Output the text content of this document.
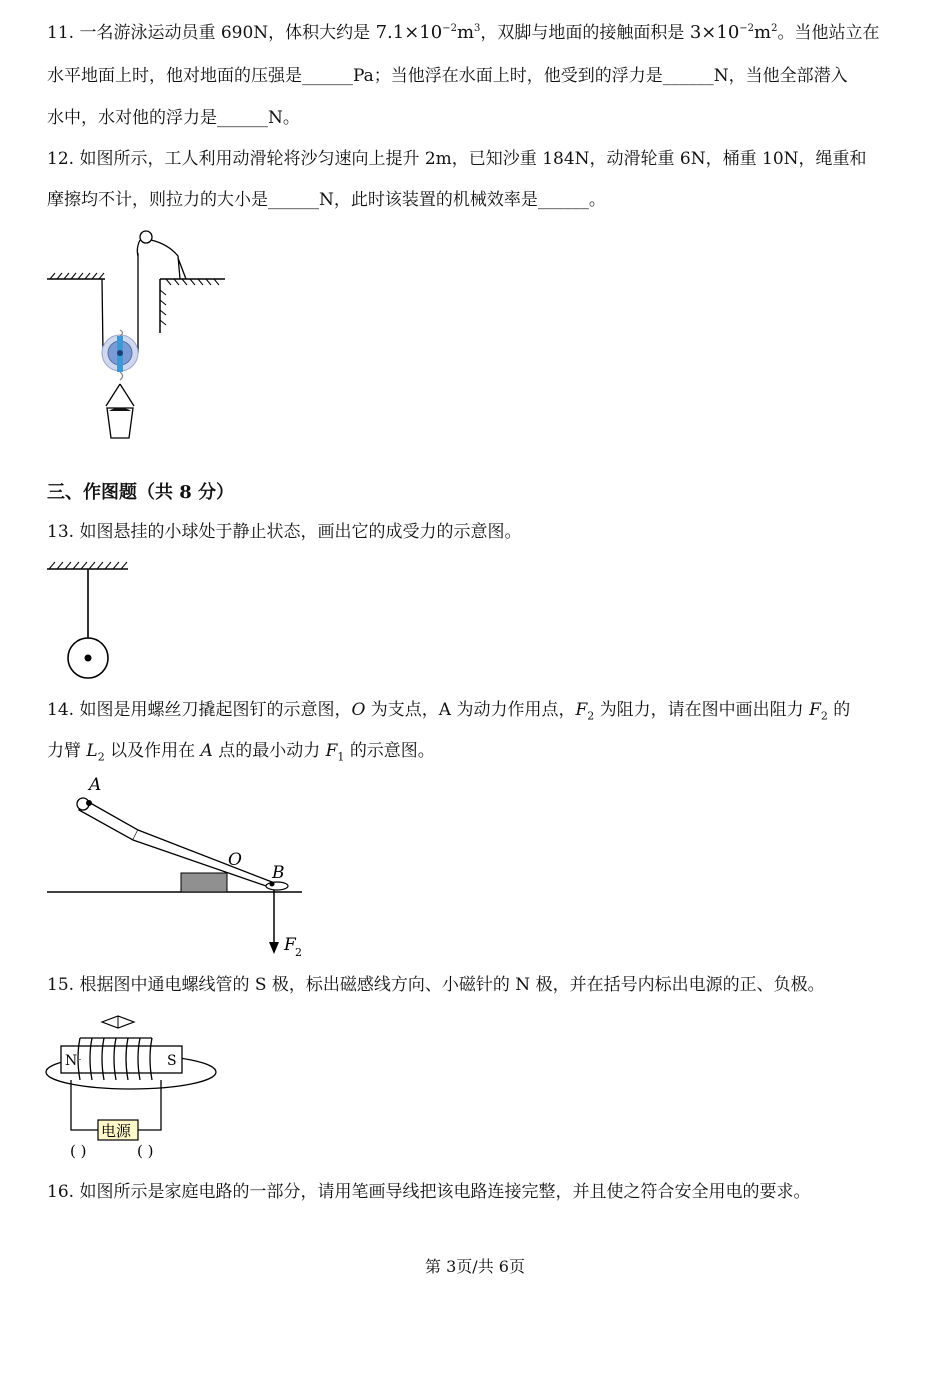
11. 一名游泳运动员重 690N，体积大约是 $7.1\times 10^{-2}m^3$，双脚与地面的接触面积是 $3\times 10^{-2}m^2$。当他站立在
水平地面上时，他对地面的压强是______Pa；当他浮在水面上时，他受到的浮力是______N，当他全部潜入
水中，水对他的浮力是______N。
12. 如图所示，工人利用动滑轮将沙匀速向上提升 2m，已知沙重 184N，动滑轮重 6N，桶重 10N，绳重和
摩擦均不计，则拉力的大小是______N，此时该装置的机械效率是______。
三、作图题（共 8 分）
13. 如图悬挂的小球处于静止状态，画出它的成受力的示意图。
14. 如图是用螺丝刀撬起图钉的示意图，O 为支点，A 为动力作用点，$F_2$ 为阻力，请在图中画出阻力 $F_2$ 的
力臂 $L_2$ 以及作用在 A 点的最小动力 $F_1$ 的示意图。
A
O
B
F 2
15. 根据图中通电螺线管的 S 极，标出磁感线方向、小磁针的 N 极，并在括号内标出电源的正、负极。
N	S
电源
( )	( )
16. 如图所示是家庭电路的一部分，请用笔画导线把该电路连接完整，并且使之符合安全用电的要求。
第 3页/共 6页
